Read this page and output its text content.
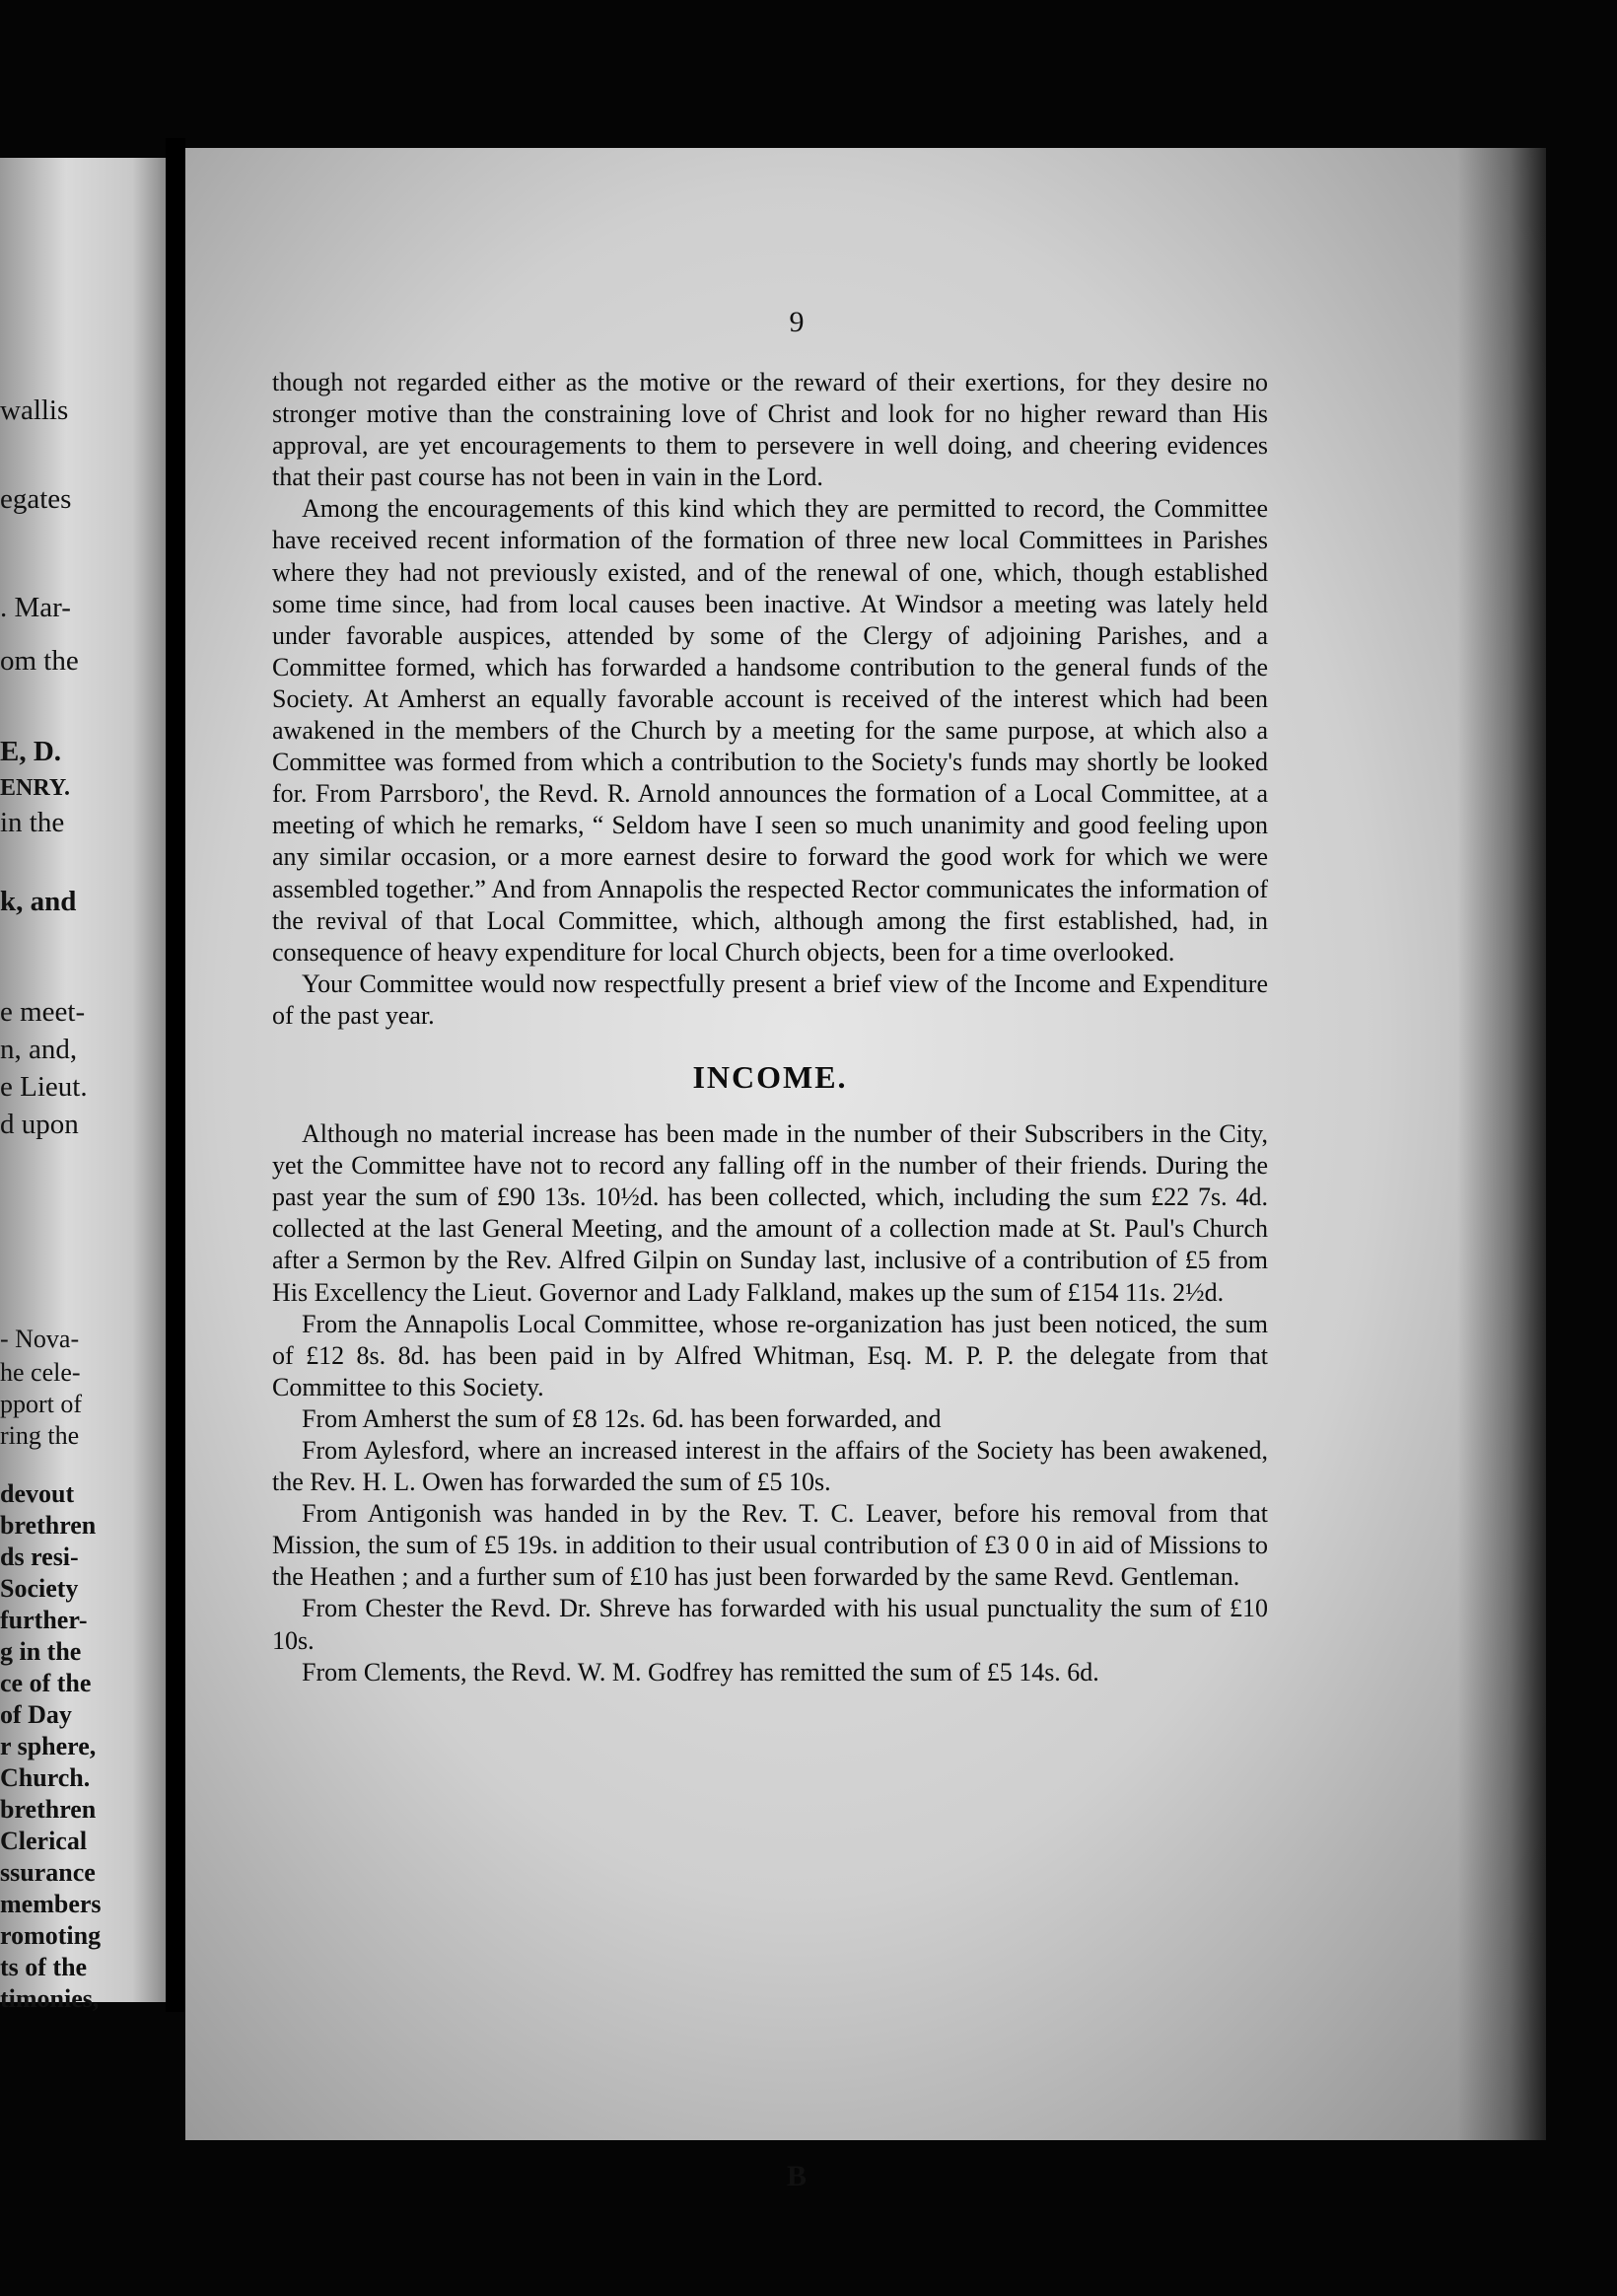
wallis
egates
. Mar-
om the
E, D.
ENRY.
in the
k, and
e meet-
n, and,
e Lieut.
d upon
- Nova-
he cele-
pport of
ring the
devout
brethren
ds resi-
Society
further-
g in the
ce of the
of Day
r sphere,
Church.
brethren
Clerical
ssurance
members
romoting
ts of the
timonies,
9

though not regarded either as the motive or the reward of their exertions, for they desire no stronger motive than the constraining love of Christ and look for no higher reward than His approval, are yet encouragements to them to persevere in well doing, and cheering evidences that their past course has not been in vain in the Lord.

Among the encouragements of this kind which they are permitted to record, the Committee have received recent information of the formation of three new local Committees in Parishes where they had not previously existed, and of the renewal of one, which, though established some time since, had from local causes been inactive. At Windsor a meeting was lately held under favorable auspices, attended by some of the Clergy of adjoining Parishes, and a Committee formed, which has forwarded a handsome contribution to the general funds of the Society. At Amherst an equally favorable account is received of the interest which had been awakened in the members of the Church by a meeting for the same purpose, at which also a Committee was formed from which a contribution to the Society's funds may shortly be looked for. From Parrsboro', the Revd. R. Arnold announces the formation of a Local Committee, at a meeting of which he remarks, “ Seldom have I seen so much unanimity and good feeling upon any similar occasion, or a more earnest desire to forward the good work for which we were assembled together.” And from Annapolis the respected Rector communicates the information of the revival of that Local Committee, which, although among the first established, had, in consequence of heavy expenditure for local Church objects, been for a time overlooked.

Your Committee would now respectfully present a brief view of the Income and Expenditure of the past year.

INCOME.

Although no material increase has been made in the number of their Subscribers in the City, yet the Committee have not to record any falling off in the number of their friends. During the past year the sum of £90 13s. 10½d. has been collected, which, including the sum £22 7s. 4d. collected at the last General Meeting, and the amount of a collection made at St. Paul's Church after a Sermon by the Rev. Alfred Gilpin on Sunday last, inclusive of a contribution of £5 from His Excellency the Lieut. Governor and Lady Falkland, makes up the sum of £154 11s. 2½d.

From the Annapolis Local Committee, whose re-organization has just been noticed, the sum of £12 8s. 8d. has been paid in by Alfred Whitman, Esq. M. P. P. the delegate from that Committee to this Society.

From Amherst the sum of £8 12s. 6d. has been forwarded, and

From Aylesford, where an increased interest in the affairs of the Society has been awakened, the Rev. H. L. Owen has forwarded the sum of £5 10s.

From Antigonish was handed in by the Rev. T. C. Leaver, before his removal from that Mission, the sum of £5 19s. in addition to their usual contribution of £3 0 0 in aid of Missions to the Heathen ; and a further sum of £10 has just been forwarded by the same Revd. Gentleman.

From Chester the Revd. Dr. Shreve has forwarded with his usual punctuality the sum of £10 10s.

From Clements, the Revd. W. M. Godfrey has remitted the sum of £5 14s. 6d.

B
